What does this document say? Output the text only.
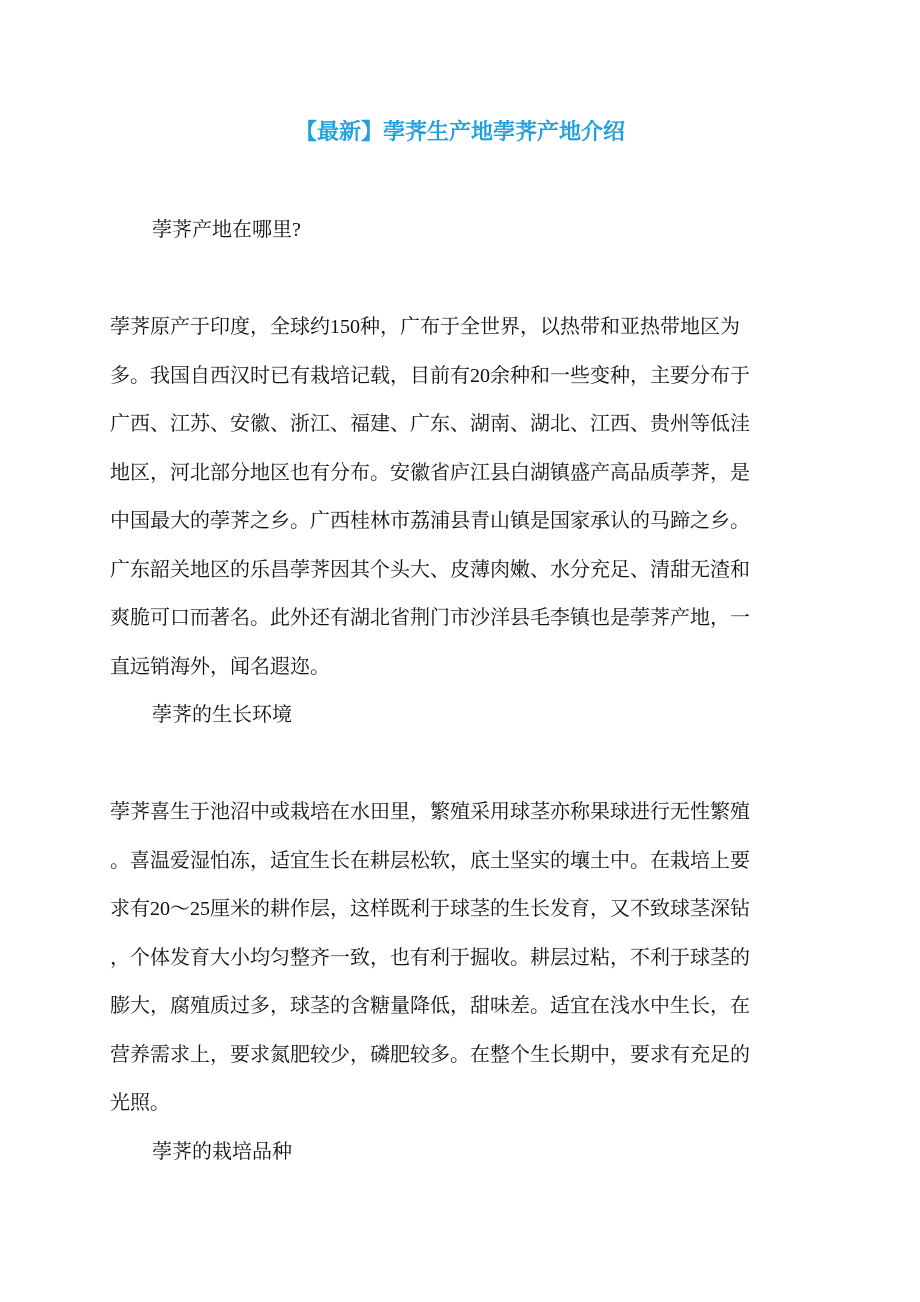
【最新】荸荠生产地荸荠产地介绍
荸荠产地在哪里?
荸荠原产于印度，全球约150种，广布于全世界，以热带和亚热带地区为
多。我国自西汉时已有栽培记载，目前有20余种和一些变种，主要分布于
广西、江苏、安徽、浙江、福建、广东、湖南、湖北、江西、贵州等低洼
地区，河北部分地区也有分布。安徽省庐江县白湖镇盛产高品质荸荠，是
中国最大的荸荠之乡。广西桂林市荔浦县青山镇是国家承认的马蹄之乡。
广东韶关地区的乐昌荸荠因其个头大、皮薄肉嫩、水分充足、清甜无渣和
爽脆可口而著名。此外还有湖北省荆门市沙洋县毛李镇也是荸荠产地，一
直远销海外，闻名遐迩。
荸荠的生长环境
荸荠喜生于池沼中或栽培在水田里，繁殖采用球茎亦称果球进行无性繁殖
。喜温爱湿怕冻，适宜生长在耕层松软，底土坚实的壤土中。在栽培上要
求有20～25厘米的耕作层，这样既利于球茎的生长发育，又不致球茎深钻
，个体发育大小均匀整齐一致，也有利于掘收。耕层过粘，不利于球茎的
膨大，腐殖质过多，球茎的含糖量降低，甜味差。适宜在浅水中生长，在
营养需求上，要求氮肥较少，磷肥较多。在整个生长期中，要求有充足的
光照。
荸荠的栽培品种
